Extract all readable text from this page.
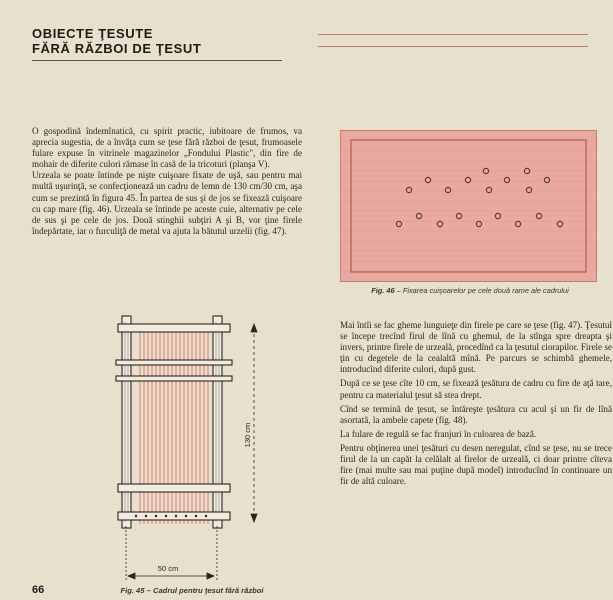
OBIECTE ŢESUTE
FĂRĂ RĂZBOI DE ŢESUT

O gospodină îndemînatică, cu spirit practic, iubitoare de frumos, va aprecia sugestia, de a învăţa cum se ţese fără război de ţesut, frumoasele fulare expuse în vitrinele magazinelor „Fondului Plastic", din fire de mohair de diferite culori rămase în casă de la tricoturi (planşa V).

Urzeala se poate întinde pe nişte cuişoare fixate de uşă, sau pentru mai multă uşurinţă, se confecţionează un cadru de lemn de 130 cm/30 cm, aşa cum se prezintă în figura 45. În partea de sus şi de jos se fixează cuişoare cu cap mare (fig. 46). Urzeala se întinde pe aceste cuie, alternativ pe cele de sus şi pe cele de jos. Două stinghii subţiri A şi B, vor ţine firele îndepărtate, iar o furculiţă de metal va ajuta la bătutul urzelii (fig. 47).

Fig. 46 – Fixarea cuişoarelor pe cele două rame ale cadrului

Mai întîi se fac gheme lunguieţe din firele pe care se ţese (fig. 47). Ţesutul se începe trecînd firul de lînă cu ghemul, de la stînga spre dreapta şi invers, printre firele de urzeală, procedînd ca la ţesutul ciorapilor. Firele se ţin cu degetele de la cealaltă mînă. Pe parcurs se schimbă ghemele, introducînd diferite culori, după gust.

După ce se ţese cîte 10 cm, se fixează ţesătura de cadru cu fire de aţă tare, pentru ca materialul ţesut să stea drept.

Cînd se termină de ţesut, se întăreşte ţesătura cu acul şi un fir de lînă asortată, la ambele capete (fig. 48).

La fulare de regulă se fac franjuri în culoarea de bază.

Pentru obţinerea unei ţesături cu desen neregulat, cînd se ţese, nu se trece firul de la un capăt la celălalt al firelor de urzeală, ci doar printre cîteva fire (mai multe sau mai puţine după model) introducînd în continuare un fir de altă culoare.

130 cm
50 cm
66	Fig. 45 – Cadrul pentru ţesut fără război
